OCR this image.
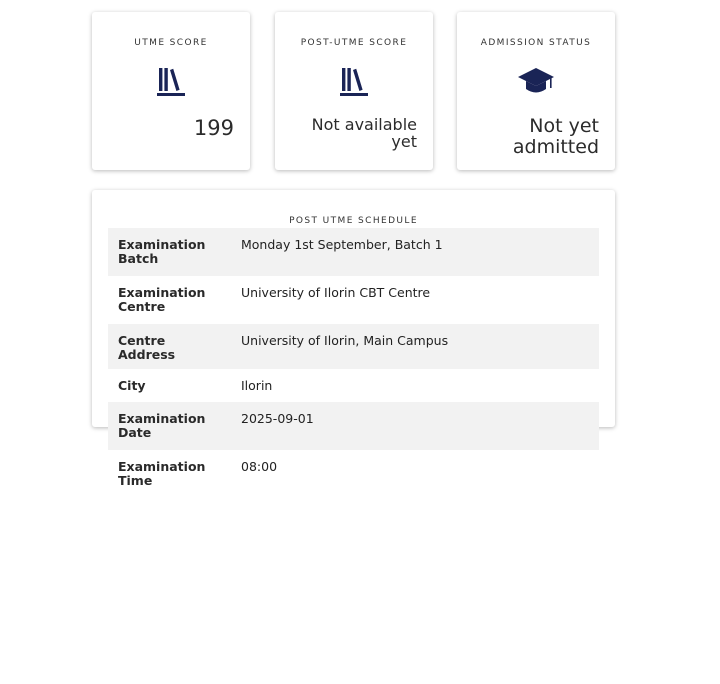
UTME SCORE
199
POST-UTME SCORE
Not available yet
ADMISSION STATUS
Not yet admitted
POST UTME SCHEDULE
Examination Batch	Monday 1st September, Batch 1
Examination Centre	University of Ilorin CBT Centre
Centre Address	University of Ilorin, Main Campus
City	Ilorin
Examination Date	2025-09-01
Examination Time	08:00
